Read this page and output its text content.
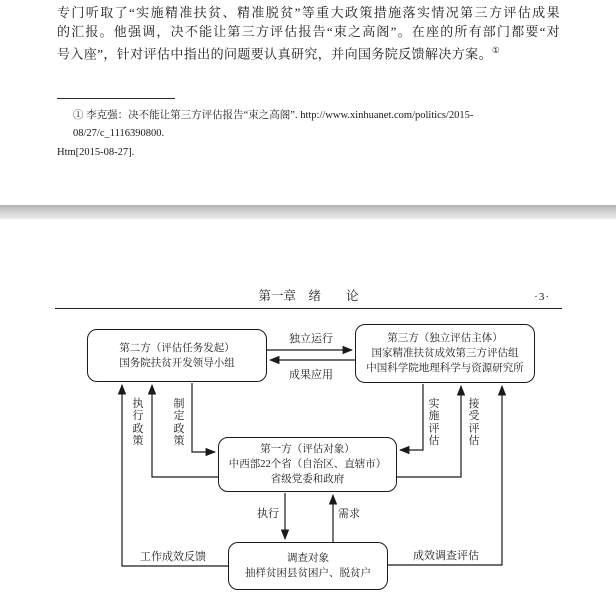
专门听取了“实施精准扶贫、精准脱贫”等重大政策措施落实情况第三方评估成果
的汇报。他强调，决不能让第三方评估报告“束之高阁”。在座的所有部门都要“对
号入座”，针对评估中指出的问题要认真研究，并向国务院反馈解决方案。①
① 李克强：决不能让第三方评估报告“束之高阁”. http://www.xinhuanet.com/politics/2015-08/27/c_1116390800.
Htm[2015-08-27].
第一章　绪　　论	·3·
第二方（评估任务发起）
国务院扶贫开发领导小组
第三方（独立评估主体）
国家精准扶贫成效第三方评估组
中国科学院地理科学与资源研究所
第一方（评估对象）
中西部22个省（自治区、直辖市）
省级党委和政府
调查对象
抽样贫困县贫困户、脱贫户
独立运行
成果应用
执行政策
制定政策
实施评估
接受评估
执行	需求
工作成效反馈	成效调查评估
